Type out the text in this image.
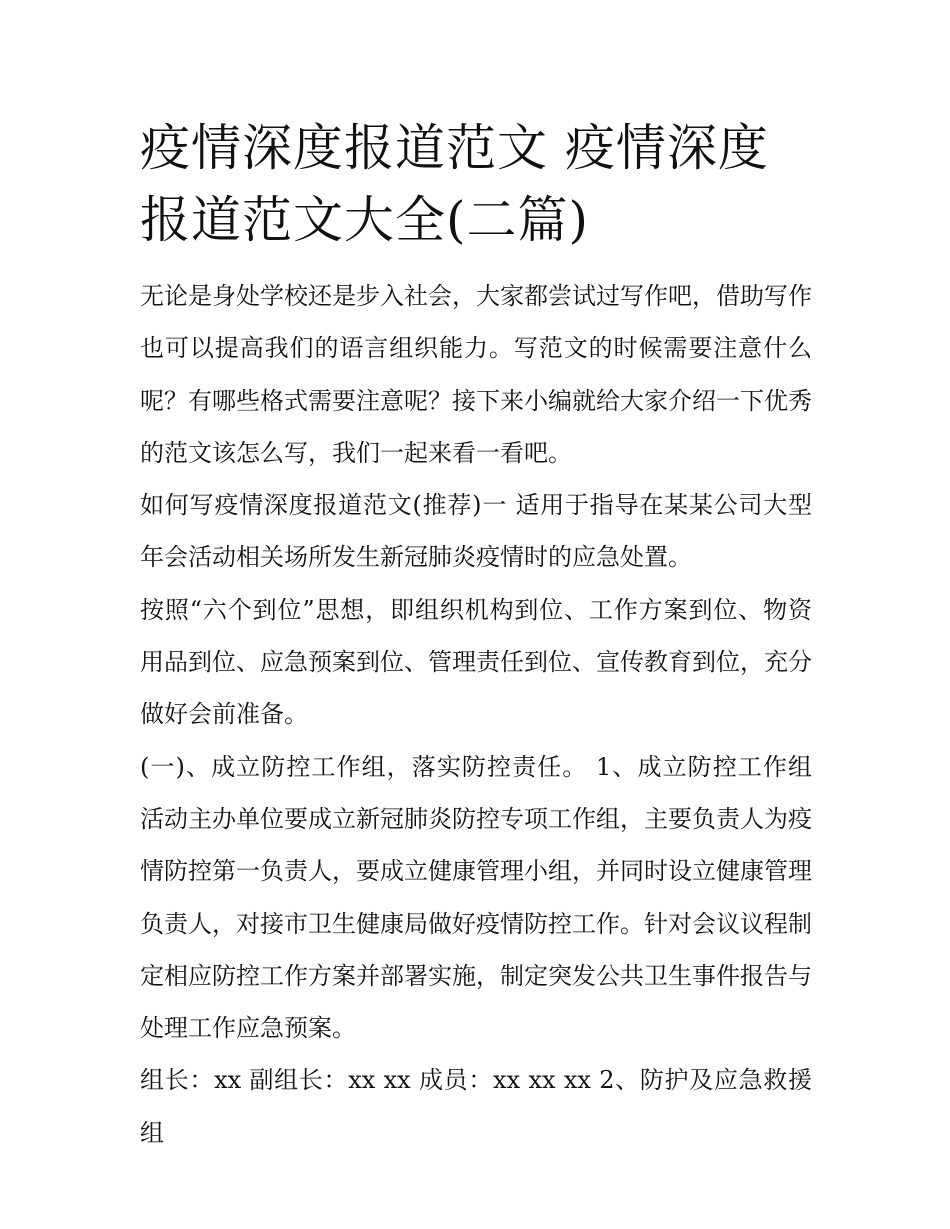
疫情深度报道范文 疫情深度报道范文大全(二篇)

无论是身处学校还是步入社会，大家都尝试过写作吧，借助写作也可以提高我们的语言组织能力。写范文的时候需要注意什么呢？有哪些格式需要注意呢？接下来小编就给大家介绍一下优秀的范文该怎么写，我们一起来看一看吧。

如何写疫情深度报道范文(推荐)一 适用于指导在某某公司大型年会活动相关场所发生新冠肺炎疫情时的应急处置。

按照“六个到位”思想，即组织机构到位、工作方案到位、物资用品到位、应急预案到位、管理责任到位、宣传教育到位，充分做好会前准备。

(一)、成立防控工作组，落实防控责任。 1、成立防控工作组 活动主办单位要成立新冠肺炎防控专项工作组，主要负责人为疫情防控第一负责人，要成立健康管理小组，并同时设立健康管理负责人，对接市卫生健康局做好疫情防控工作。针对会议议程制定相应防控工作方案并部署实施，制定突发公共卫生事件报告与处理工作应急预案。

组长：xx 副组长：xx xx 成员：xx xx xx 2、防护及应急救援组
